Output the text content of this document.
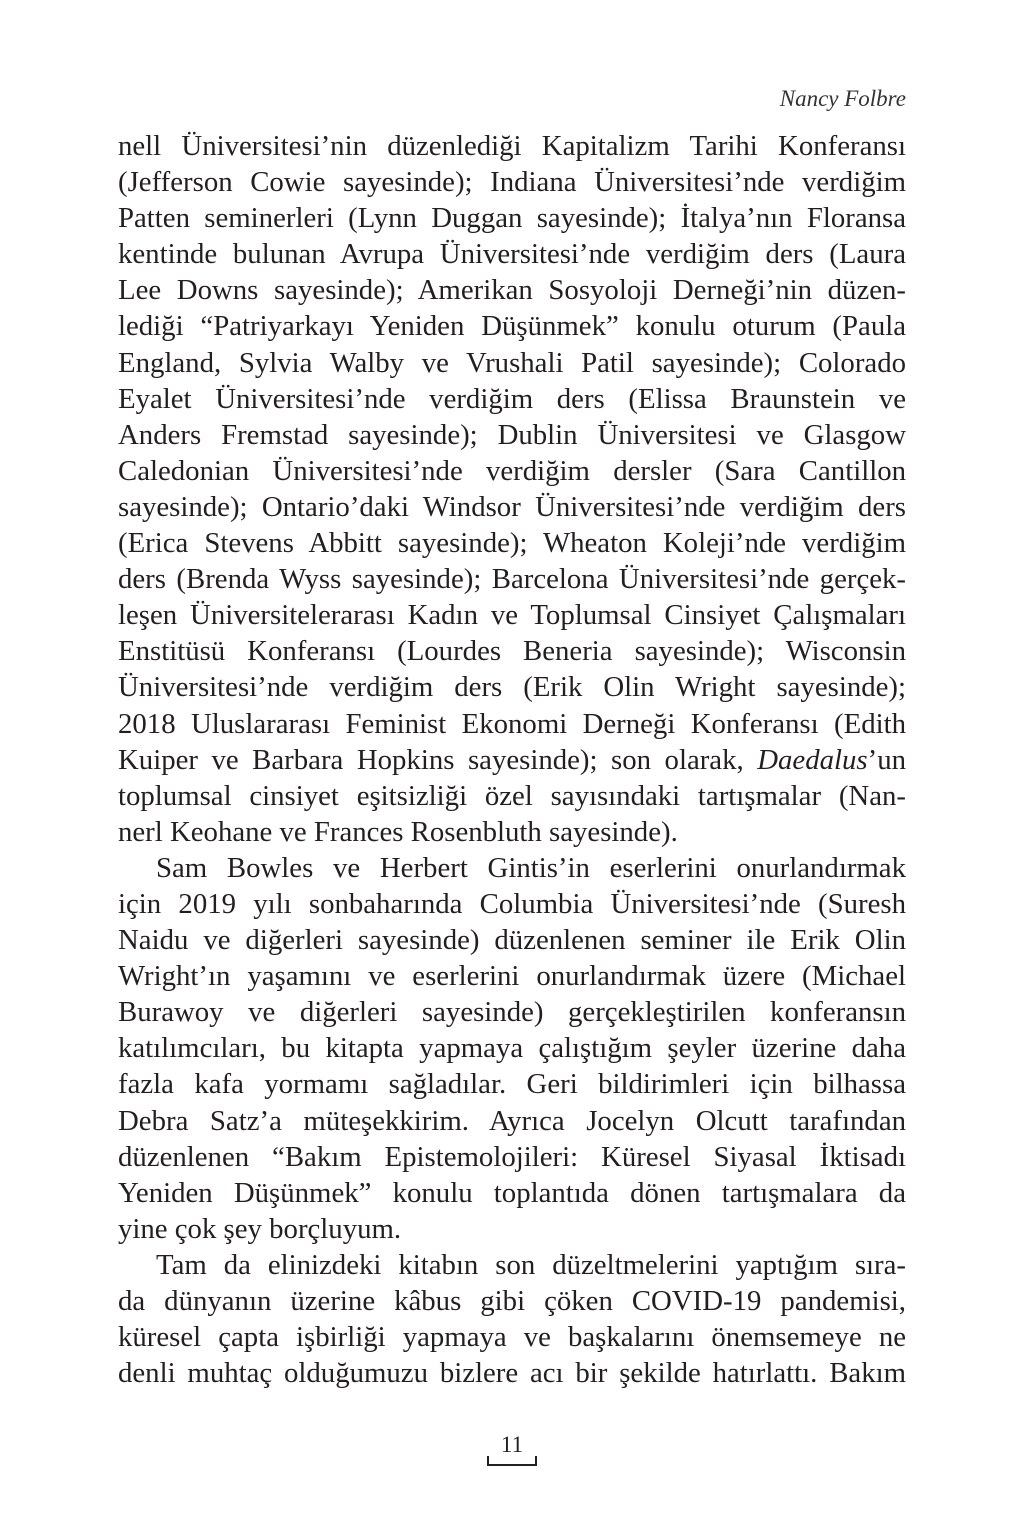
Nancy Folbre
nell Üniversitesi’nin düzenlediği Kapitalizm Tarihi Konferansı
(Jefferson Cowie sayesinde); Indiana Üniversitesi’nde verdiğim
Patten seminerleri (Lynn Duggan sayesinde); İtalya’nın Floransa
kentinde bulunan Avrupa Üniversitesi’nde verdiğim ders (Laura
Lee Downs sayesinde); Amerikan Sosyoloji Derneği’nin düzen-
lediği “Patriyarkayı Yeniden Düşünmek” konulu oturum (Paula
England, Sylvia Walby ve Vrushali Patil sayesinde); Colorado
Eyalet Üniversitesi’nde verdiğim ders (Elissa Braunstein ve
Anders Fremstad sayesinde); Dublin Üniversitesi ve Glasgow
Caledonian Üniversitesi’nde verdiğim dersler (Sara Cantillon
sayesinde); Ontario’daki Windsor Üniversitesi’nde verdiğim ders
(Erica Stevens Abbitt sayesinde); Wheaton Koleji’nde verdiğim
ders (Brenda Wyss sayesinde); Barcelona Üniversitesi’nde gerçek-
leşen Üniversitelerarası Kadın ve Toplumsal Cinsiyet Çalışmaları
Enstitüsü Konferansı (Lourdes Beneria sayesinde); Wisconsin
Üniversitesi’nde verdiğim ders (Erik Olin Wright sayesinde);
2018 Uluslararası Feminist Ekonomi Derneği Konferansı (Edith
Kuiper ve Barbara Hopkins sayesinde); son olarak, Daedalus’un
toplumsal cinsiyet eşitsizliği özel sayısındaki tartışmalar (Nan-
nerl Keohane ve Frances Rosenbluth sayesinde).
Sam Bowles ve Herbert Gintis’in eserlerini onurlandırmak
için 2019 yılı sonbaharında Columbia Üniversitesi’nde (Suresh
Naidu ve diğerleri sayesinde) düzenlenen seminer ile Erik Olin
Wright’ın yaşamını ve eserlerini onurlandırmak üzere (Michael
Burawoy ve diğerleri sayesinde) gerçekleştirilen konferansın
katılımcıları, bu kitapta yapmaya çalıştığım şeyler üzerine daha
fazla kafa yormamı sağladılar. Geri bildirimleri için bilhassa
Debra Satz’a müteşekkirim. Ayrıca Jocelyn Olcutt tarafından
düzenlenen “Bakım Epistemolojileri: Küresel Siyasal İktisadı
Yeniden Düşünmek” konulu toplantıda dönen tartışmalara da
yine çok şey borçluyum.
Tam da elinizdeki kitabın son düzeltmelerini yaptığım sıra-
da dünyanın üzerine kâbus gibi çöken COVID-19 pandemisi,
küresel çapta işbirliği yapmaya ve başkalarını önemsemeye ne
denli muhtaç olduğumuzu bizlere acı bir şekilde hatırlattı. Bakım
11
